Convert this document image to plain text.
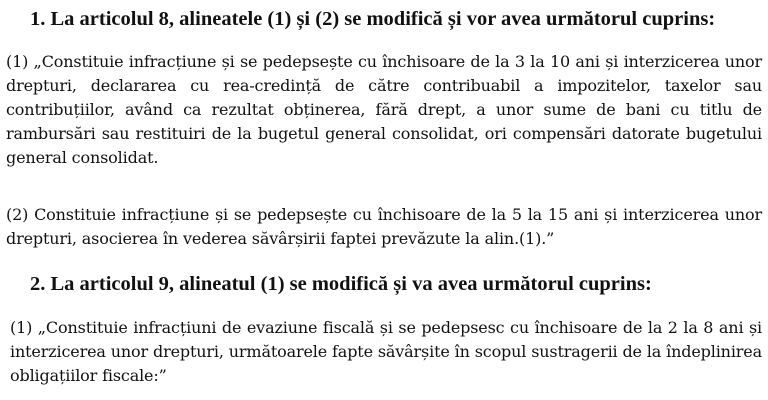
1. La articolul 8, alineatele (1) și (2) se modifică și vor avea următorul cuprins:

(1) „Constituie infracțiune și se pedepsește cu închisoare de la 3 la 10 ani și interzicerea unor drepturi, declararea cu rea-credință de către contribuabil a impozitelor, taxelor sau contribuțiilor, având ca rezultat obținerea, fără drept, a unor sume de bani cu titlu de rambursări sau restituiri de la bugetul general consolidat, ori compensări datorate bugetului general consolidat.

(2) Constituie infracțiune și se pedepsește cu închisoare de la 5 la 15 ani și interzicerea unor drepturi, asocierea în vederea săvârșirii faptei prevăzute la alin.(1).”

2. La articolul 9, alineatul (1) se modifică și va avea următorul cuprins:

(1) „Constituie infracțiuni de evaziune fiscală și se pedepsesc cu închisoare de la 2 la 8 ani și interzicerea unor drepturi, următoarele fapte săvârșite în scopul sustragerii de la îndeplinirea obligațiilor fiscale:”
